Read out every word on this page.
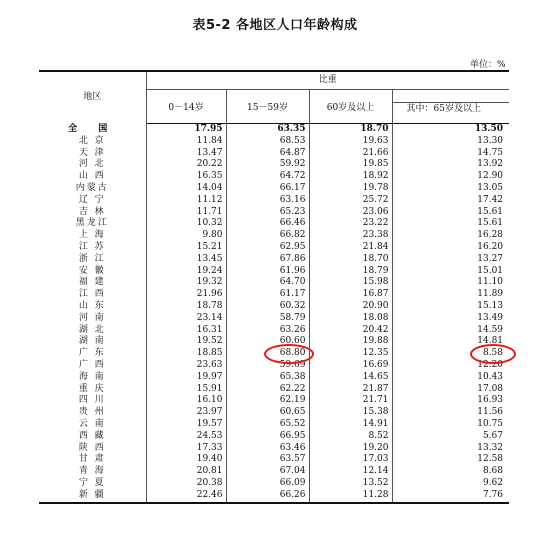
表5-2 各地区人口年龄构成
单位：%
地区	比重			
	0－14岁	15－59岁	60岁及以上	其中：65岁及以上

全 国	17.95	63.35	18.70	13.50
北 京	11.84	68.53	19.63	13.30
天 津	13.47	64.87	21.66	14.75
河 北	20.22	59.92	19.85	13.92
山 西	16.35	64.72	18.92	12.90
内蒙古	14.04	66.17	19.78	13.05
辽 宁	11.12	63.16	25.72	17.42
吉 林	11.71	65.23	23.06	15.61
黑龙江	10.32	66.46	23.22	15.61
上 海	9.80	66.82	23.38	16.28
江 苏	15.21	62.95	21.84	16.20
浙 江	13.45	67.86	18.70	13.27
安 徽	19.24	61.96	18.79	15.01
福 建	19.32	64.70	15.98	11.10
江 西	21.96	61.17	16.87	11.89
山 东	18.78	60.32	20.90	15.13
河 南	23.14	58.79	18.08	13.49
湖 北	16.31	63.26	20.42	14.59
湖 南	19.52	60.60	19.88	14.81
广 东	18.85	68.80	12.35	8.58
广 西	23.63	59.69	16.69	12.20
海 南	19.97	65.38	14.65	10.43
重 庆	15.91	62.22	21.87	17.08
四 川	16.10	62.19	21.71	16.93
贵 州	23.97	60.65	15.38	11.56
云 南	19.57	65.52	14.91	10.75
西 藏	24.53	66.95	8.52	5.67
陕 西	17.33	63.46	19.20	13.32
甘 肃	19.40	63.57	17.03	12.58
青 海	20.81	67.04	12.14	8.68
宁 夏	20.38	66.09	13.52	9.62
新 疆	22.46	66.26	11.28	7.76
